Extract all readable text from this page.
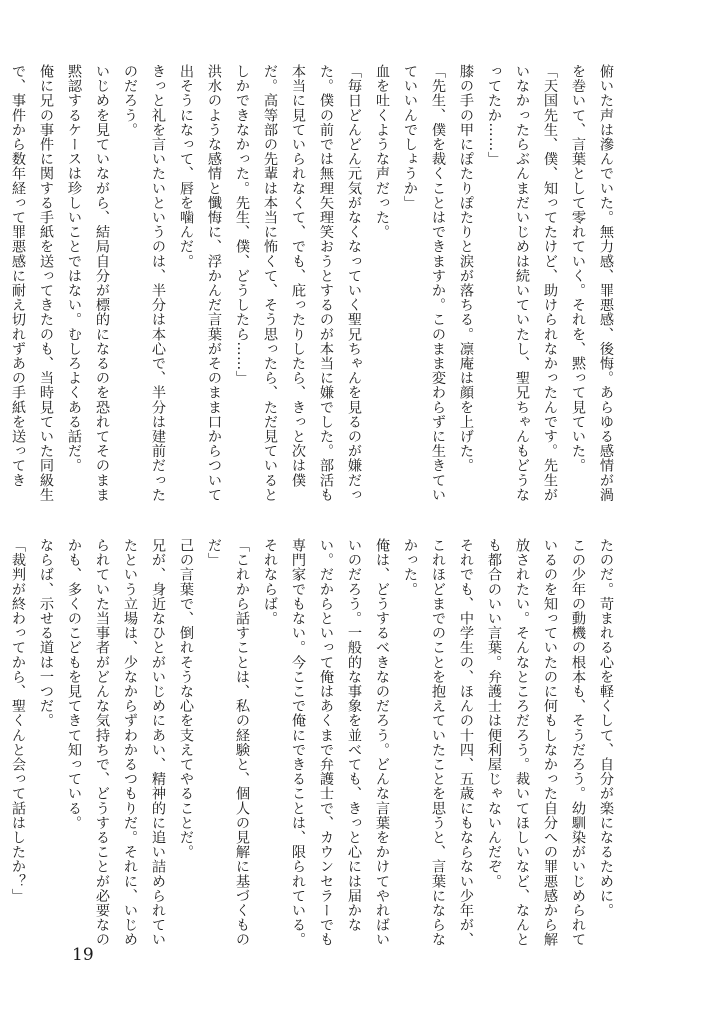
俯いた声は滲んでいた。無力感、罪悪感、後悔。あらゆる感情が渦を巻いて、言葉として零れていく。それを、黙って見ていた。

「天国先生、僕、知ってたけど、助けられなかったんです。先生がいなかったらぶんまだいじめは続いていたし、聖兄ちゃんもどうなってたか……」

膝の手の甲にぽたりぽたりと涙が落ちる。凛庵は顔を上げた。

「先生、僕を裁くことはできますか。このまま変わらずに生きていていいんでしょうか」

血を吐くような声だった。

「毎日どんどん元気がなくなっていく聖兄ちゃんを見るのが嫌だった。僕の前では無理矢理笑おうとするのが本当に嫌でした。部活も本当に見ていられなくて、でも、庇ったりしたら、きっと次は僕だ。高等部の先輩は本当に怖くて、そう思ったら、ただ見ているとしかできなかった。先生、僕、どうしたら……」

洪水のような感情と懺悔に、浮かんだ言葉がそのまま口からついて出そうになって、唇を噛んだ。

きっと礼を言いたいというのは、半分は本心で、半分は建前だったのだろう。

いじめを見ていながら、結局自分が標的になるのを恐れてそのまま黙認するケースは珍しいことではない。むしろよくある話だ。

俺に兄の事件に関する手紙を送ってきたのも、当時見ていた同級生で、事件から数年経って罪悪感に耐え切れずあの手紙を送ってき

たのだ。苛まれる心を軽くして、自分が楽になるために。

この少年の動機の根本も、そうだろう。幼馴染がいじめられているのを知っていたのに何もしなかった自分への罪悪感から解放されたい。そんなところだろう。裁いてほしいなど、なんとも都合のいい言葉。弁護士は便利屋じゃないんだぞ。

それでも、中学生の、ほんの十四、五歳にもならない少年が、これほどまでのことを抱えていたことを思うと、言葉にならなかった。

俺は、どうするべきなのだろう。どんな言葉をかけてやればいいのだろう。一般的な事象を並べても、きっと心には届かない。だからといって俺はあくまで弁護士で、カウンセラーでも専門家でもない。今ここで俺にできることは、限られている。それならば。

「これから話すことは、私の経験と、個人の見解に基づくものだ」

己の言葉で、倒れそうな心を支えてやることだ。

兄が、身近なひとがいじめにあい、精神的に追い詰められていたという立場は、少なからずわかるつもりだ。それに、いじめられていた当事者がどんな気持ちで、どうすることが必要なのかも、多くのこどもを見てきて知っている。

ならば、示せる道は一つだ。

「裁判が終わってから、聖くんと会って話はしたか？」

19
